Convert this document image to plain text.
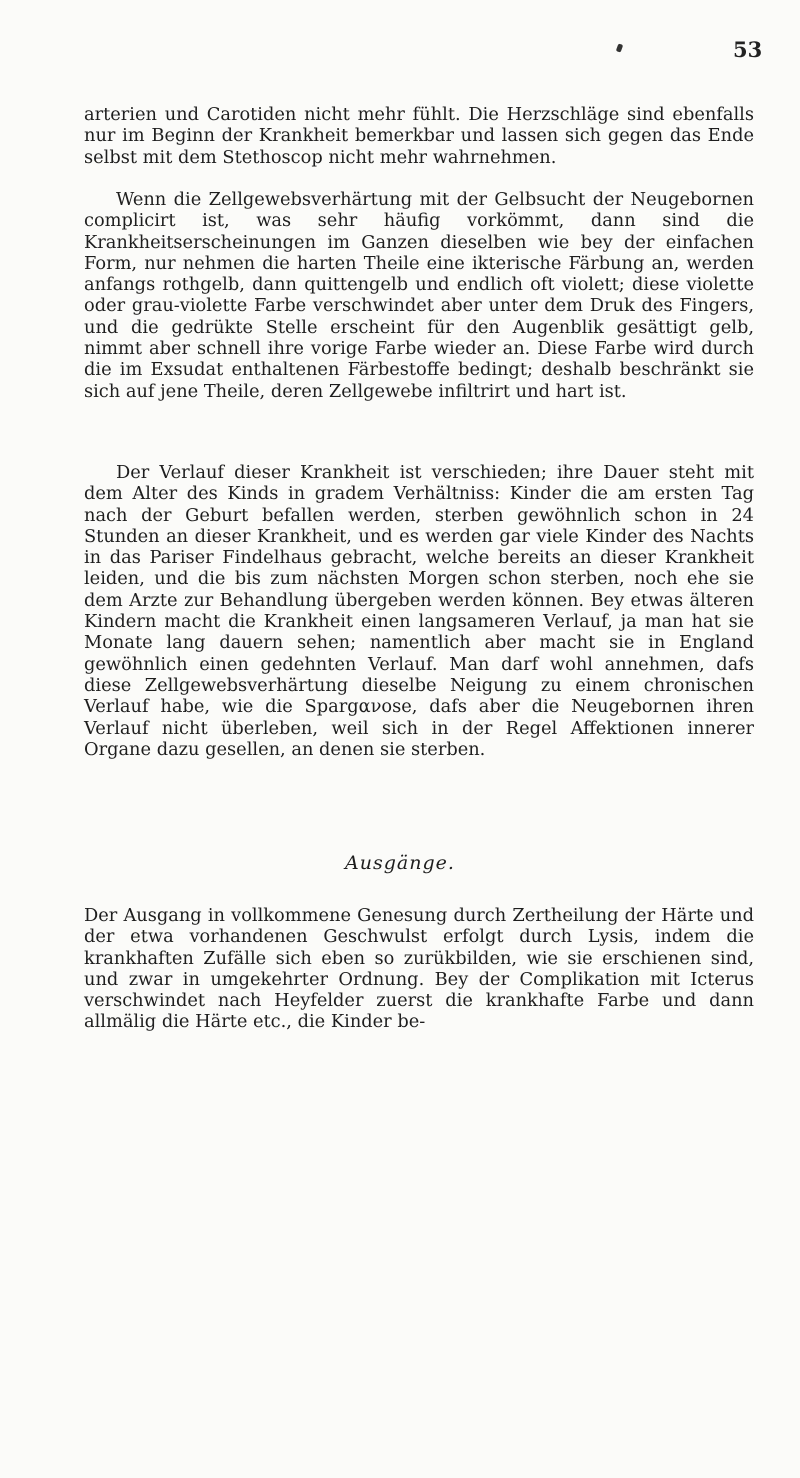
53

arterien und Carotiden nicht mehr fühlt. Die Herzschläge sind ebenfalls nur im Beginn der Krankheit bemerkbar und lassen sich gegen das Ende selbst mit dem Stethoscop nicht mehr wahrnehmen.

Wenn die Zellgewebsverhärtung mit der Gelbsucht der Neugebornen complicirt ist, was sehr häufig vorkömmt, dann sind die Krankheitserscheinungen im Ganzen dieselben wie bey der einfachen Form, nur nehmen die harten Theile eine ikterische Färbung an, werden anfangs rothgelb, dann quittengelb und endlich oft violett; diese violette oder grau-violette Farbe verschwindet aber unter dem Druk des Fingers, und die gedrükte Stelle erscheint für den Augenblik gesättigt gelb, nimmt aber schnell ihre vorige Farbe wieder an. Diese Farbe wird durch die im Exsudat enthaltenen Färbestoffe bedingt; deshalb beschränkt sie sich auf jene Theile, deren Zellgewebe infiltrirt und hart ist.

Der Verlauf dieser Krankheit ist verschieden; ihre Dauer steht mit dem Alter des Kinds in gradem Verhältniss: Kinder die am ersten Tag nach der Geburt befallen werden, sterben gewöhnlich schon in 24 Stunden an dieser Krankheit, und es werden gar viele Kinder des Nachts in das Pariser Findelhaus gebracht, welche bereits an dieser Krankheit leiden, und die bis zum nächsten Morgen schon sterben, noch ehe sie dem Arzte zur Behandlung übergeben werden können. Bey etwas älteren Kindern macht die Krankheit einen langsameren Verlauf, ja man hat sie Monate lang dauern sehen; namentlich aber macht sie in England gewöhnlich einen gedehnten Verlauf. Man darf wohl annehmen, dafs diese Zellgewebsverhärtung dieselbe Neigung zu einem chronischen Verlauf habe, wie die Spargανose, dafs aber die Neugebornen ihren Verlauf nicht überleben, weil sich in der Regel Affektionen innerer Organe dazu gesellen, an denen sie sterben.

Ausgänge.

Der Ausgang in vollkommene Genesung durch Zertheilung der Härte und der etwa vorhandenen Geschwulst erfolgt durch Lysis, indem die krankhaften Zufälle sich eben so zurükbilden, wie sie erschienen sind, und zwar in umgekehrter Ordnung. Bey der Complikation mit Icterus verschwindet nach Heyfelder zuerst die krankhafte Farbe und dann allmälig die Härte etc., die Kinder be-
